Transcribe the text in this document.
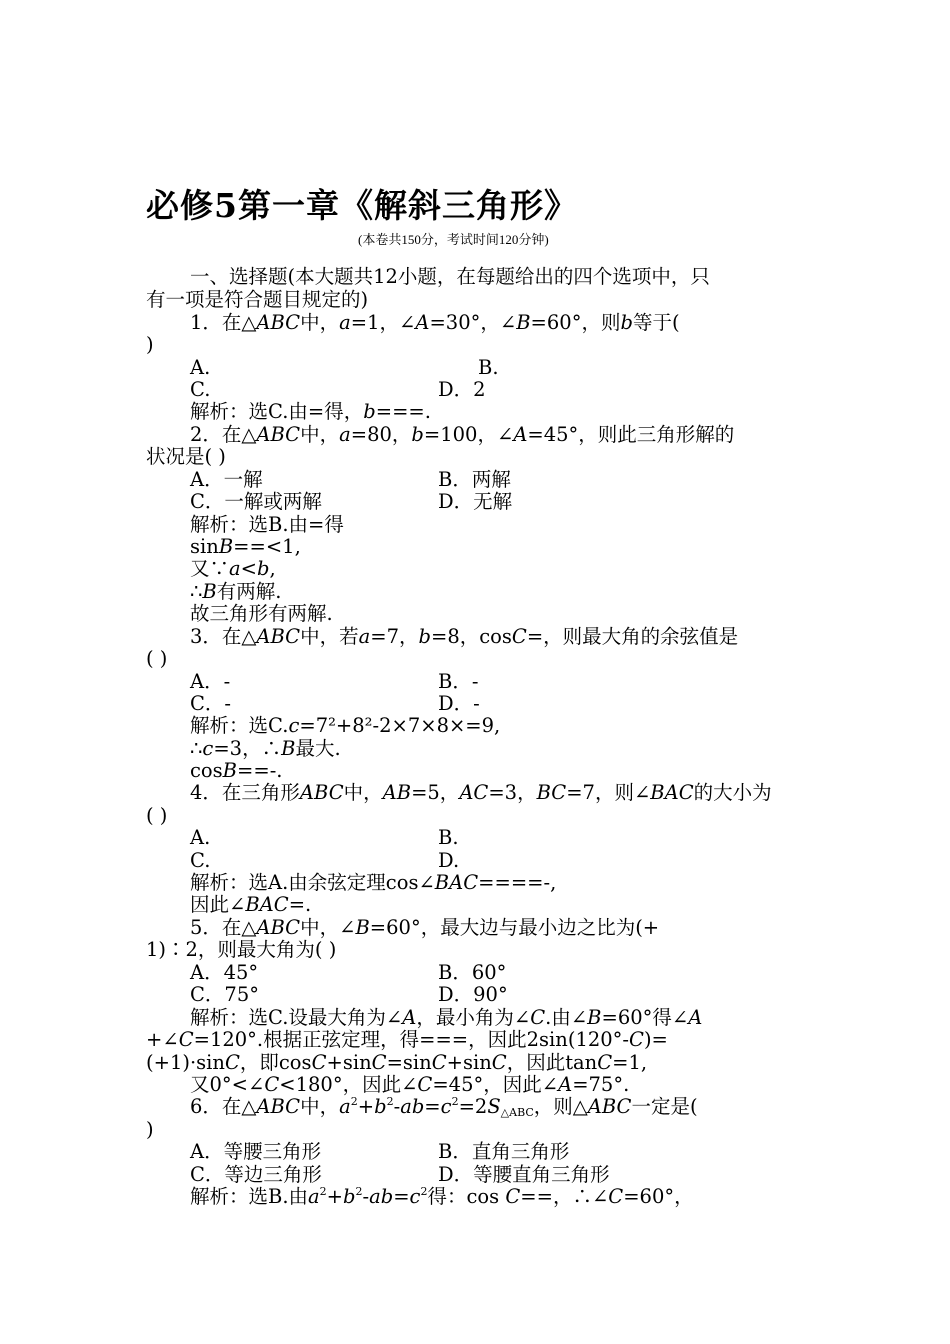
必修5第一章《解斜三角形》
(本卷共150分，考试时间120分钟)
一、选择题(本大题共12小题，在每题给出的四个选项中，只
有一项是符合题目规定的)
1．在△ABC中，a=1，∠A=30°，∠B=60°，则b等于(
)
A.	B.
C.	D．2
解析：选C.由=得，b===.
2．在△ABC中，a=80，b=100，∠A=45°，则此三角形解的
状况是( )
A．一解	B．两解
C．一解或两解	D．无解
解析：选B.由=得
sinB==<1,
又∵a<b,
∴B有两解.
故三角形有两解.
3．在△ABC中，若a=7，b=8，cosC=，则最大角的余弦值是
( )
A．-	B．-
C．-	D．-
解析：选C.c=7²+8²-2×7×8×=9,
∴c=3，∴B最大.
cosB==-.
4．在三角形ABC中，AB=5，AC=3，BC=7，则∠BAC的大小为
( )
A.	B.
C.	D.
解析：选A.由余弦定理cos∠BAC====-,
因此∠BAC=.
5．在△ABC中，∠B=60°，最大边与最小边之比为(+
1)∶2，则最大角为( )
A．45°	B．60°
C．75°	D．90°
解析：选C.设最大角为∠A，最小角为∠C.由∠B=60°得∠A
+∠C=120°.根据正弦定理，得===，因此2sin(120°-C)=
(+1)·sinC，即cosC+sinC=sinC+sinC，因此tanC=1,
又0°<∠C<180°，因此∠C=45°，因此∠A=75°.
6．在△ABC中，$a^2+b^2-ab=c^2=2S_{\triangle ABC}$，则△ABC一定是(
)
A．等腰三角形	B．直角三角形
C．等边三角形	D．等腰直角三角形
解析：选B.由$a^2+b^2-ab=c^2$得：cos C==，∴∠C=60°，
